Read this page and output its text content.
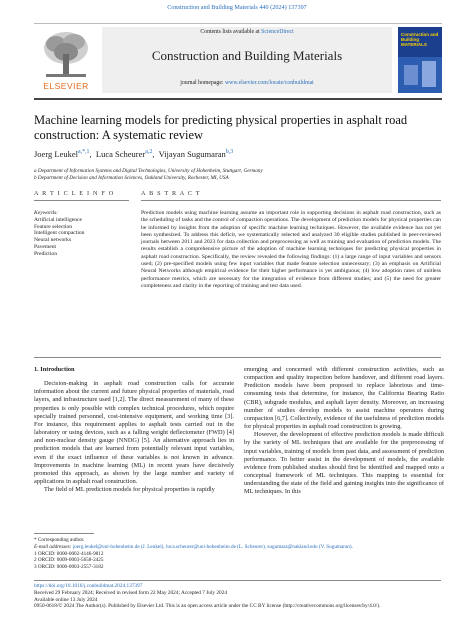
Construction and Building Materials 440 (2024) 137397
ELSEVIER
Contents lists available at ScienceDirect
Construction and Building Materials
journal homepage: www.elsevier.com/locate/conbuildmat
Construction and Building MATERIALS
Machine learning models for predicting physical properties in asphalt road construction: A systematic review
Joerg Leukel$^{a,*,1}$,  Luca Scheurer$^{a,2}$,  Vijayan Sugumaran$^{b,3}$
a Department of Information Systems and Digital Technologies, University of Hohenheim, Stuttgart, Germany
b Department of Decision and Information Sciences, Oakland University, Rochester, MI, USA
A R T I C L E I N F O	A B S T R A C T
Keywords:
Artificial intelligence
Feature selection
Intelligent compaction
Neural networks
Pavement
Prediction
Prediction models using machine learning assume an important role in supporting decisions in asphalt road construction, such as the scheduling of tasks and the control of compaction operations. The development of prediction models for physical properties can be informed by insights from the adoption of specific machine learning techniques. However, the available evidence has not yet been synthesized. To address this deficit, we systematically selected and analyzed 30 eligible studies published in peer-reviewed journals between 2011 and 2023 for data collection and preprocessing as well as training and evaluation of prediction models. The results establish a comprehensive picture of the adoption of machine learning techniques for predicting physical properties in asphalt road construction. Specifically, the review revealed the following findings: (1) a large range of input variables and sensors used; (2) pre-specified models using few input variables that made feature selection unnecessary; (3) an emphasis on Artificial Neural Networks although empirical evidence for their higher performance is yet ambiguous; (4) low adoption rates of unitless performance metrics, which are necessary for the integration of evidence from different studies; and (5) the need for greater completeness and clarity in the reporting of training and test data used.

1. Introduction

Decision-making in asphalt road construction calls for accurate information about the current and future physical properties of materials, road layers, and infrastructure used [1,2]. The direct measurement of many of these properties is only possible with complex technical procedures, which require specially trained personnel, cost-intensive equipment, and working time [3]. For instance, this requirement applies to asphalt tests carried out in the laboratory or using devices, such as a falling weight deflectometer (FWD) [4] and non-nuclear density gauge (NNDG) [5]. An alternative approach lies in prediction models that are learned from potentially relevant input variables, even if the exact influence of these variables is not known in advance. Improvements in machine learning (ML) in recent years have decisively promoted this approach, as shown by the large number and variety of applications in asphalt road construction.

The field of ML prediction models for physical properties is rapidly

emerging and concerned with different construction activities, such as compaction and quality inspection before handover, and different road layers. Prediction models have been proposed to replace laborious and time-consuming tests that determine, for instance, the California Bearing Ratio (CBR), subgrade modulus, and asphalt layer density. Moreover, an increasing number of studies develop models to assist machine operators during compaction [6,7]. Collectively, evidence of the usefulness of prediction models for physical properties in asphalt road construction is growing.

However, the development of effective prediction models is made difficult by the variety of ML techniques that are available for the preprocessing of input variables, training of models from past data, and assessment of prediction performance. To better assist in the development of models, the available evidence from published studies should first be identified and mapped onto a conceptual framework of ML techniques. This mapping is essential for understanding the state of the field and gaining insights into the significance of ML techniques. In this

* Corresponding author.
E-mail addresses: joerg.leukel@uni-hohenheim.de (J. Leukel), luca.scheurer@uni-hohenheim.de (L. Scheurer), sugumara@oakland.edu (V. Sugumaran).
1 ORCID: 0000-0002-4146-9812
2 ORCID: 0009-0003-5658-2425
3 ORCID: 0000-0003-2557-3182
https://doi.org/10.1016/j.conbuildmat.2024.137397
Received 29 February 2024; Received in revised form 22 May 2024; Accepted 7 July 2024
Available online 13 July 2024
0950-0618/© 2024 The Author(s). Published by Elsevier Ltd. This is an open access article under the CC BY license (http://creativecommons.org/licenses/by/4.0/).
